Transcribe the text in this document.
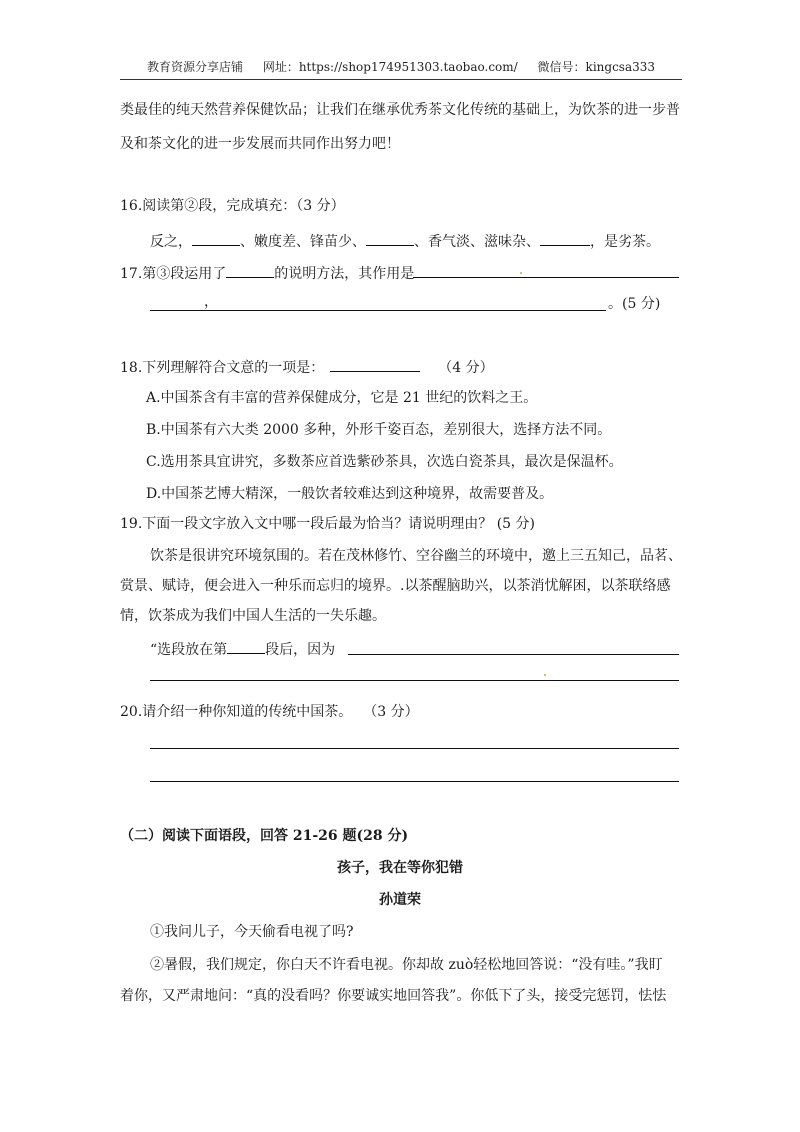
教育资源分享店铺 网址：https://shop174951303.taobao.com/ 微信号：kingcsa333
类最佳的纯天然营养保健饮品；让我们在继承优秀茶文化传统的基础上，为饮茶的进一步普
及和茶文化的进一步发展而共同作出努力吧！
16.阅读第②段，完成填充：（3 分）
反之，	、嫩度差、锋苗少、	、香气淡、滋味杂、	，是劣茶。
17.第③段运用了	的说明方法，其作用是
，	。(5 分)
18.下列理解符合文意的一项是：	（4 分）
A.中国茶含有丰富的营养保健成分，它是 21 世纪的饮料之王。
B.中国茶有六大类 2000 多种，外形千姿百态，差别很大，选择方法不同。
C.选用茶具宜讲究，多数茶应首选紫砂茶具，次选白瓷茶具，最次是保温杯。
D.中国茶艺博大精深，一般饮者较难达到这种境界，故需要普及。
19.下面一段文字放入文中哪一段后最为恰当？请说明理由？ (5 分)
饮茶是很讲究环境氛围的。若在茂林修竹、空谷幽兰的环境中，邀上三五知己，品茗、
赏景、赋诗，便会进入一种乐而忘归的境界。.以茶醒脑助兴，以茶消忧解困，以茶联络感
情，饮茶成为我们中国人生活的一失乐趣。
“选段放在第	段后，因为
20.请介绍一种你知道的传统中国茶。 （3 分）
（二）阅读下面语段，回答 21-26 题(28 分)
孩子，我在等你犯错
孙道荣
①我问儿子，今天偷看电视了吗?
②暑假，我们规定，你白天不许看电视。你却故 zuò轻松地回答说：“没有哇。”我盯
着你，又严肃地问：“真的没看吗？你要诚实地回答我”。你低下了头，接受完惩罚，怯怯
